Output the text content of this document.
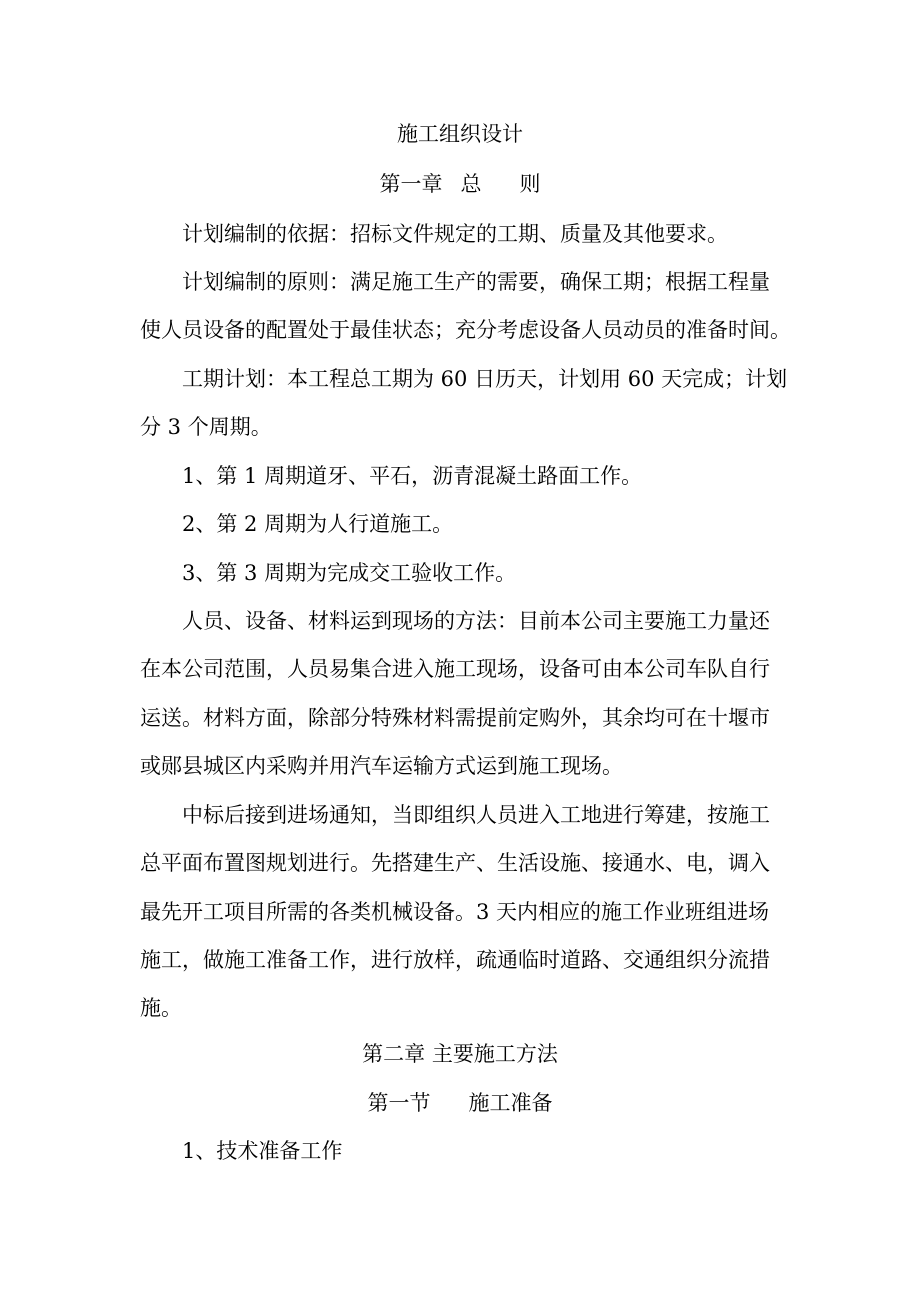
施工组织设计
第一章 总 则
计划编制的依据：招标文件规定的工期、质量及其他要求。
计划编制的原则：满足施工生产的需要，确保工期；根据工程量
使人员设备的配置处于最佳状态；充分考虑设备人员动员的准备时间。
工期计划：本工程总工期为 60 日历天，计划用 60 天完成；计划
分 3 个周期。
1、第 1 周期道牙、平石，沥青混凝土路面工作。
2、第 2 周期为人行道施工。
3、第 3 周期为完成交工验收工作。
人员、设备、材料运到现场的方法：目前本公司主要施工力量还
在本公司范围，人员易集合进入施工现场，设备可由本公司车队自行
运送。材料方面，除部分特殊材料需提前定购外，其余均可在十堰市
或郧县城区内采购并用汽车运输方式运到施工现场。
中标后接到进场通知，当即组织人员进入工地进行筹建，按施工
总平面布置图规划进行。先搭建生产、生活设施、接通水、电，调入
最先开工项目所需的各类机械设备。3 天内相应的施工作业班组进场
施工，做施工准备工作，进行放样，疏通临时道路、交通组织分流措
施。
第二章 主要施工方法
第一节 施工准备
1、技术准备工作
